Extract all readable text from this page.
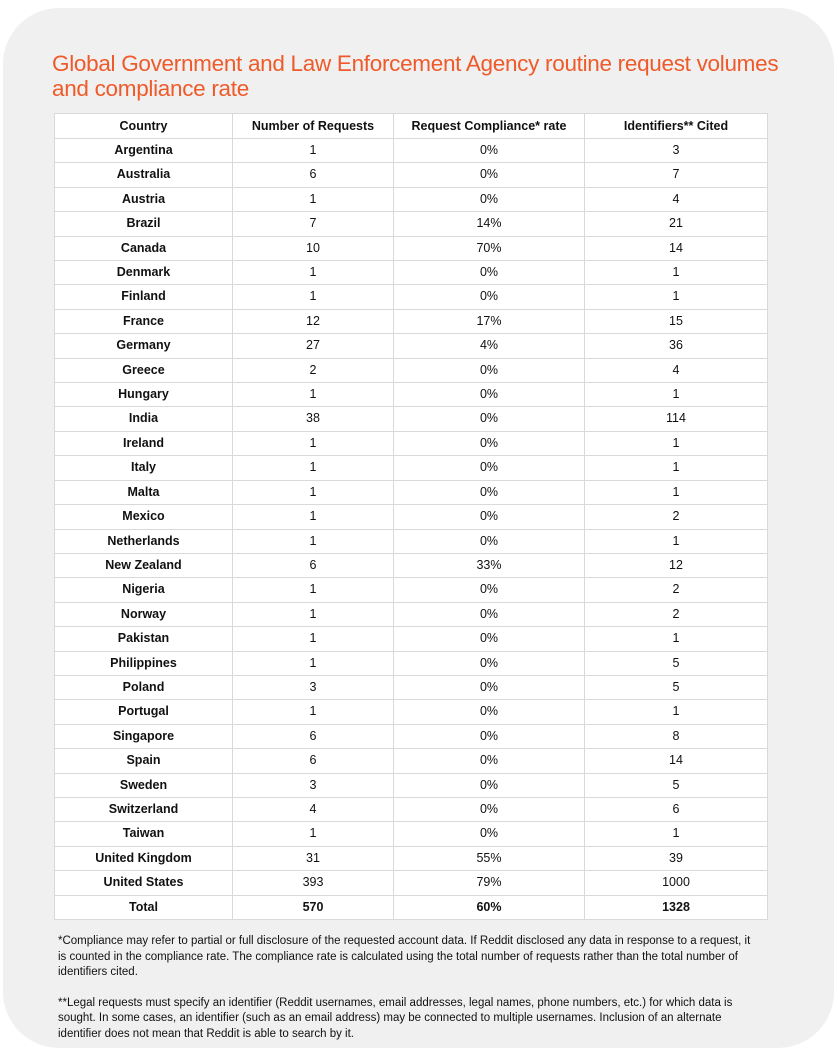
Global Government and Law Enforcement Agency routine request volumes and compliance rate
Country	Number of Requests	Request Compliance* rate	Identifiers** Cited
Argentina	1	0%	3
Australia	6	0%	7
Austria	1	0%	4
Brazil	7	14%	21
Canada	10	70%	14
Denmark	1	0%	1
Finland	1	0%	1
France	12	17%	15
Germany	27	4%	36
Greece	2	0%	4
Hungary	1	0%	1
India	38	0%	114
Ireland	1	0%	1
Italy	1	0%	1
Malta	1	0%	1
Mexico	1	0%	2
Netherlands	1	0%	1
New Zealand	6	33%	12
Nigeria	1	0%	2
Norway	1	0%	2
Pakistan	1	0%	1
Philippines	1	0%	5
Poland	3	0%	5
Portugal	1	0%	1
Singapore	6	0%	8
Spain	6	0%	14
Sweden	3	0%	5
Switzerland	4	0%	6
Taiwan	1	0%	1
United Kingdom	31	55%	39
United States	393	79%	1000
Total	570	60%	1328

*Compliance may refer to partial or full disclosure of the requested account data. If Reddit disclosed any data in response to a request, it is counted in the compliance rate. The compliance rate is calculated using the total number of requests rather than the total number of identifiers cited.

**Legal requests must specify an identifier (Reddit usernames, email addresses, legal names, phone numbers, etc.) for which data is sought. In some cases, an identifier (such as an email address) may be connected to multiple usernames. Inclusion of an alternate identifier does not mean that Reddit is able to search by it.
